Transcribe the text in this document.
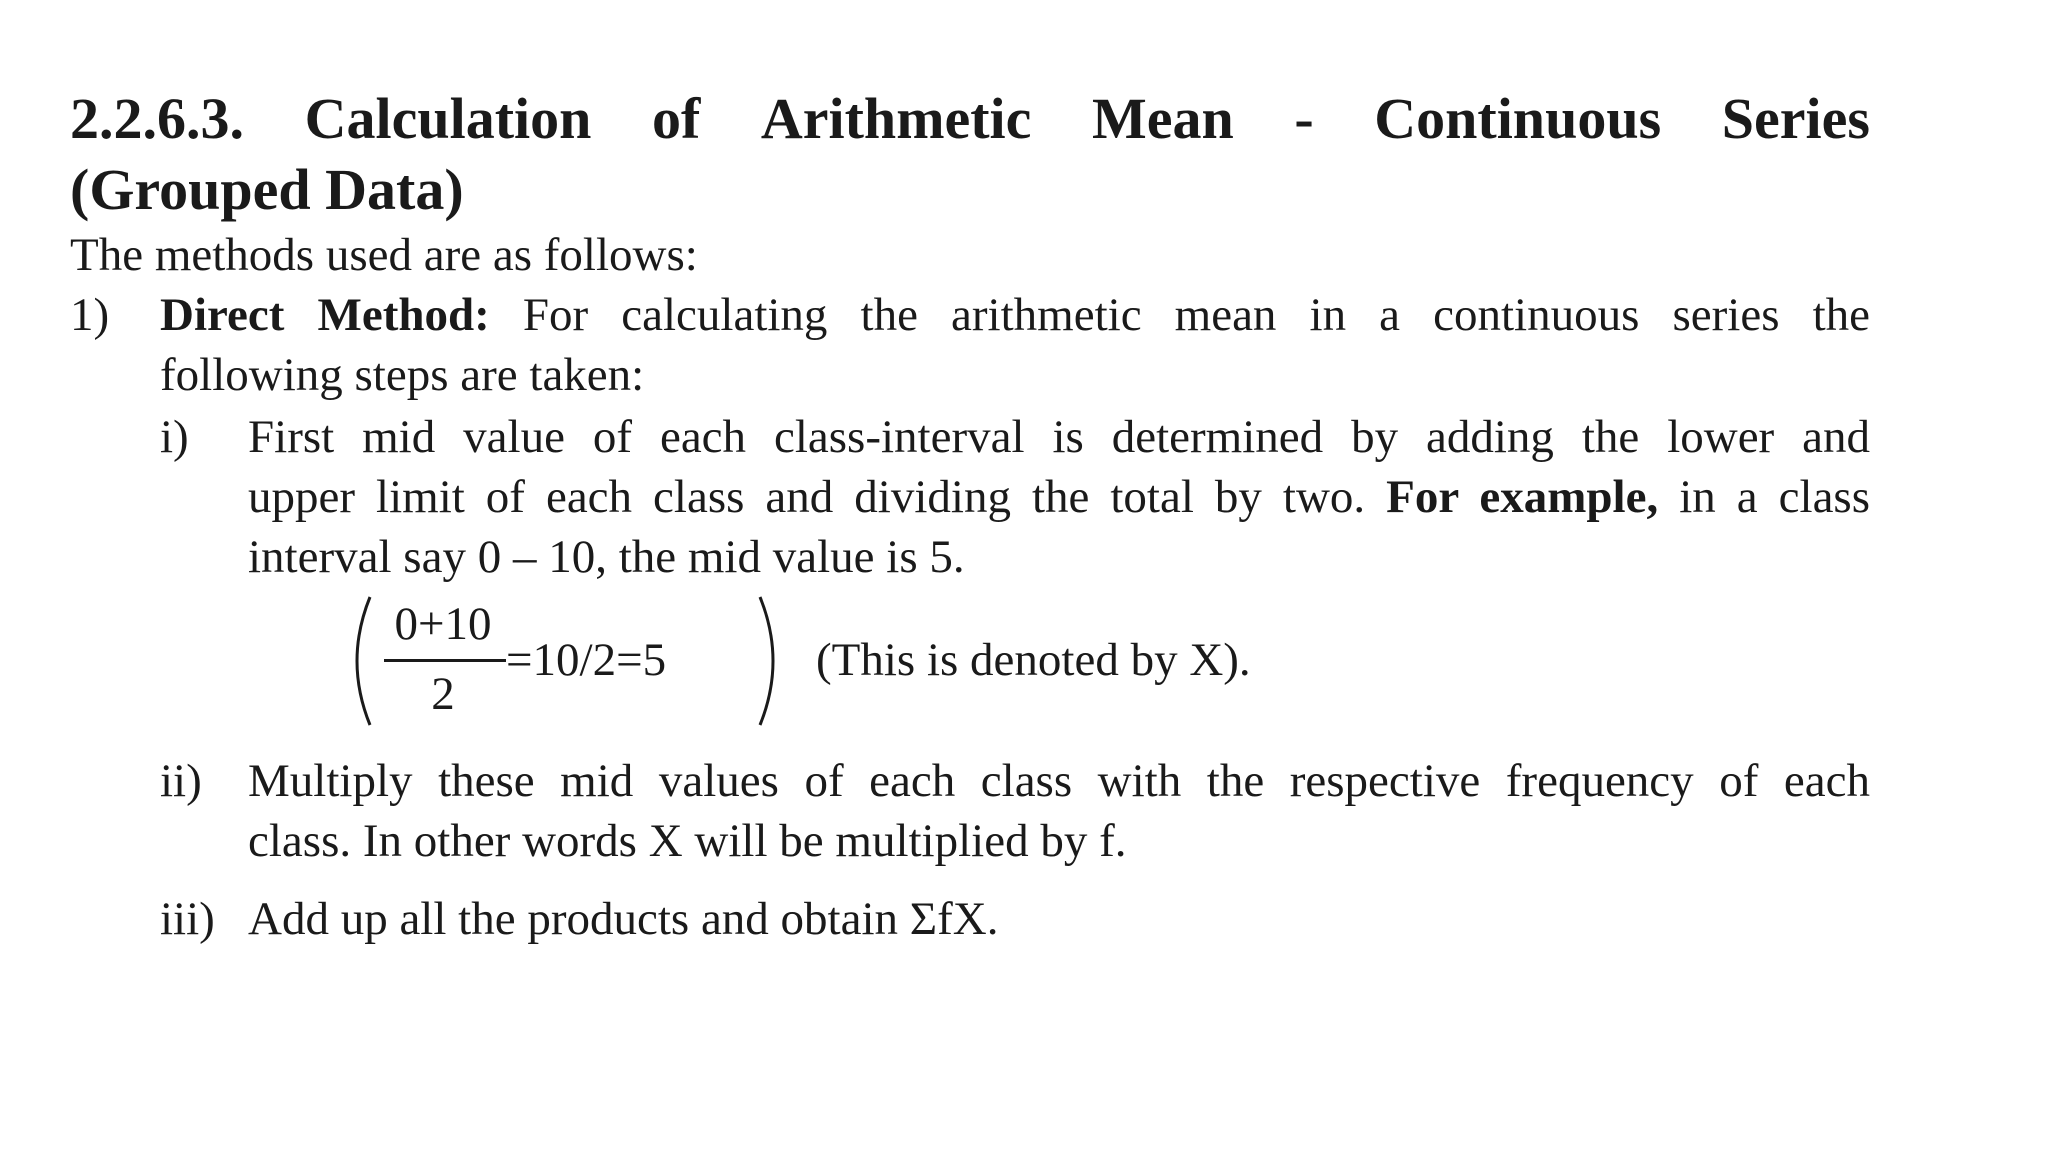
2.2.6.3. Calculation of Arithmetic Mean - Continuous Series
(Grouped Data)
The methods used are as follows:
1)	Direct Method: For calculating the arithmetic mean in a continuous series the
following steps are taken:
i)	First mid value of each class-interval is determined by adding the lower and
upper limit of each class and dividing the total by two. For example, in a class
interval say 0 – 10, the mid value is 5.
0+10
2
=10/2=5	(This is denoted by X).
ii) Multiply these mid values of each class with the respective frequency of each
class. In other words X will be multiplied by f.
iii) Add up all the products and obtain ΣfX.
